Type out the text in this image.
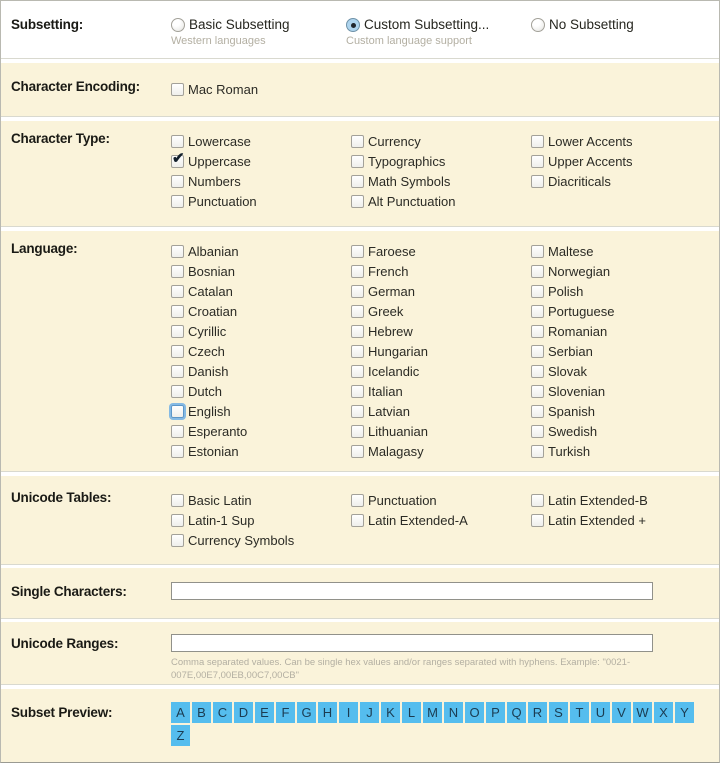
Subsetting:	Basic Subsetting
Western languages
Custom Subsetting...
Custom language support
No Subsetting
Character Encoding:	Mac Roman
Character Type:	Lowercase
✔
Uppercase
Numbers
Punctuation
Currency
Typographics
Math Symbols
Alt Punctuation
Lower Accents
Upper Accents
Diacriticals
Language:	Albanian
Bosnian
Catalan
Croatian
Cyrillic
Czech
Danish
Dutch
English
Esperanto
Estonian
Faroese
French
German
Greek
Hebrew
Hungarian
Icelandic
Italian
Latvian
Lithuanian
Malagasy
Maltese
Norwegian
Polish
Portuguese
Romanian
Serbian
Slovak
Slovenian
Spanish
Swedish
Turkish
Unicode Tables:	Basic Latin
Latin-1 Sup
Currency Symbols
Punctuation
Latin Extended-A
Latin Extended-B
Latin Extended +
Single Characters:
Unicode Ranges:
Comma separated values. Can be single hex values and/or ranges separated with hyphens. Example: "0021-007E,00E7,00EB,00C7,00CB"
Subset Preview:	A B C D E F G H	I	J	K	L M N O P Q R S T U V W X Y
Z
